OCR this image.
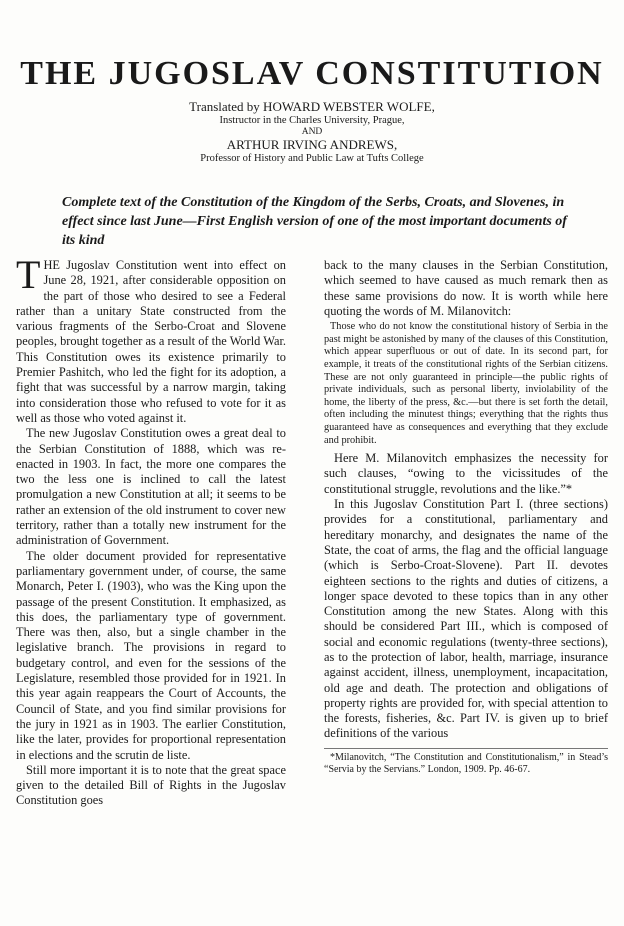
THE JUGOSLAV CONSTITUTION
Translated by HOWARD WEBSTER WOLFE,
Instructor in the Charles University, Prague,
AND
ARTHUR IRVING ANDREWS,
Professor of History and Public Law at Tufts College

Complete text of the Constitution of the Kingdom of the Serbs, Croats, and Slovenes, in effect since last June—First English version of one of the most important documents of its kind

THE Jugoslav Constitution went into effect on June 28, 1921, after considerable opposition on the part of those who desired to see a Federal rather than a unitary State constructed from the various fragments of the Serbo-Croat and Slovene peoples, brought together as a result of the World War. This Constitution owes its existence primarily to Premier Pashitch, who led the fight for its adoption, a fight that was successful by a narrow margin, taking into consideration those who refused to vote for it as well as those who voted against it.

The new Jugoslav Constitution owes a great deal to the Serbian Constitution of 1888, which was re-enacted in 1903. In fact, the more one compares the two the less one is inclined to call the latest promulgation a new Constitution at all; it seems to be rather an extension of the old instrument to cover new territory, rather than a totally new instrument for the administration of Government.

The older document provided for representative parliamentary government under, of course, the same Monarch, Peter I. (1903), who was the King upon the passage of the present Constitution. It emphasized, as this does, the parliamentary type of government. There was then, also, but a single chamber in the legislative branch. The provisions in regard to budgetary control, and even for the sessions of the Legislature, resembled those provided for in 1921. In this year again reappears the Court of Accounts, the Council of State, and you find similar provisions for the jury in 1921 as in 1903. The earlier Constitution, like the later, provides for proportional representation in elections and the scrutin de liste.

Still more important it is to note that the great space given to the detailed Bill of Rights in the Jugoslav Constitution goes

back to the many clauses in the Serbian Constitution, which seemed to have caused as much remark then as these same provisions do now. It is worth while here quoting the words of M. Milanovitch:

Those who do not know the constitutional history of Serbia in the past might be astonished by many of the clauses of this Constitution, which appear superfluous or out of date. In its second part, for example, it treats of the constitutional rights of the Serbian citizens. These are not only guaranteed in principle—the public rights of private individuals, such as personal liberty, inviolability of the home, the liberty of the press, &c.—but there is set forth the detail, often including the minutest things; everything that the rights thus guaranteed have as consequences and everything that they exclude and prohibit.

Here M. Milanovitch emphasizes the necessity for such clauses, “owing to the vicissitudes of the constitutional struggle, revolutions and the like.”*

In this Jugoslav Constitution Part I. (three sections) provides for a constitutional, parliamentary and hereditary monarchy, and designates the name of the State, the coat of arms, the flag and the official language (which is Serbo-Croat-Slovene). Part II. devotes eighteen sections to the rights and duties of citizens, a longer space devoted to these topics than in any other Constitution among the new States. Along with this should be considered Part III., which is composed of social and economic regulations (twenty-three sections), as to the protection of labor, health, marriage, insurance against accident, illness, unemployment, incapacitation, old age and death. The protection and obligations of property rights are provided for, with special attention to the forests, fisheries, &c. Part IV. is given up to brief definitions of the various

*Milanovitch, “The Constitution and Constitutionalism,” in Stead’s “Servia by the Servians.” London, 1909. Pp. 46-67.
